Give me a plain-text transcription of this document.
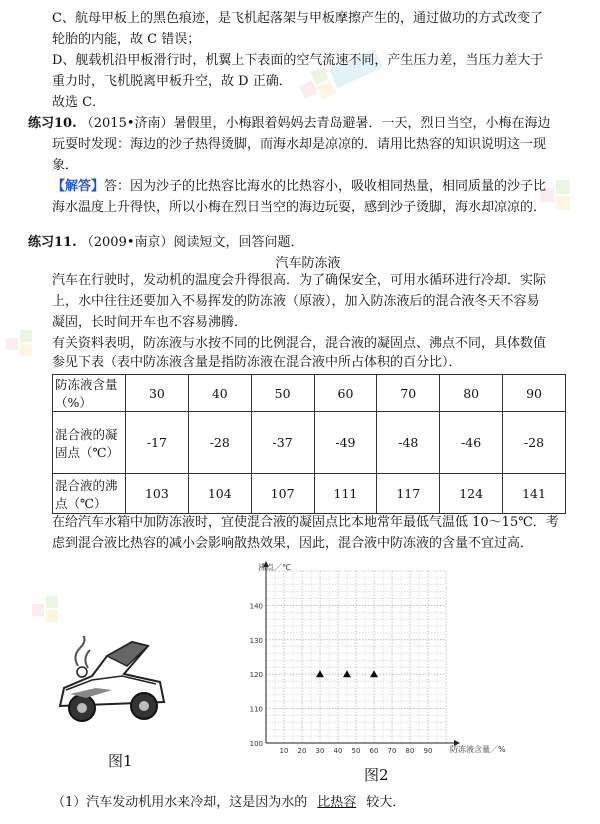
C、航母甲板上的黑色痕迹，是飞机起落架与甲板摩擦产生的，通过做功的方式改变了
轮胎的内能，故 C 错误；
D、舰载机沿甲板滑行时，机翼上下表面的空气流速不同，产生压力差，当压力差大于
重力时，飞机脱离甲板升空，故 D 正确．
故选 C．
练习10. （2015•济南）暑假里，小梅跟着妈妈去青岛避暑．一天，烈日当空，小梅在海边
玩耍时发现：海边的沙子热得烫脚，而海水却是凉凉的．请用比热容的知识说明这一现
象．
【解答】答：因为沙子的比热容比海水的比热容小，吸收相同热量，相同质量的沙子比
海水温度上升得快，所以小梅在烈日当空的海边玩耍，感到沙子烫脚，海水却凉凉的．
练习11. （2009•南京）阅读短文，回答问题．
汽车防冻液
汽车在行驶时，发动机的温度会升得很高．为了确保安全，可用水循环进行冷却．实际
上，水中往往还要加入不易挥发的防冻液（原液），加入防冻液后的混合液冬天不容易
凝固，长时间开车也不容易沸腾．
有关资料表明，防冻液与水按不同的比例混合，混合液的凝固点、沸点不同，具体数值
参见下表（表中防冻液含量是指防冻液在混合液中所占体积的百分比）．
防冻液含量（%）	30	40	50	60	70	80	90
混合液的凝固点（℃）	-17	-28	-37	-49	-48	-46	-28
混合液的沸点（℃）	103	104	107	111	117	124	141
在给汽车水箱中加防冻液时，宜使混合液的凝固点比本地常年最低气温低 10～15℃．考
虑到混合液比热容的减小会影响散热效果，因此，混合液中防冻液的含量不宜过高．
图1
10 20 30 40 50 60 70 80 90
100
110
120
130
140
沸点／℃
防冻液含量／%
图2
（1）汽车发动机用水来冷却，这是因为水的 比热容 较大．
